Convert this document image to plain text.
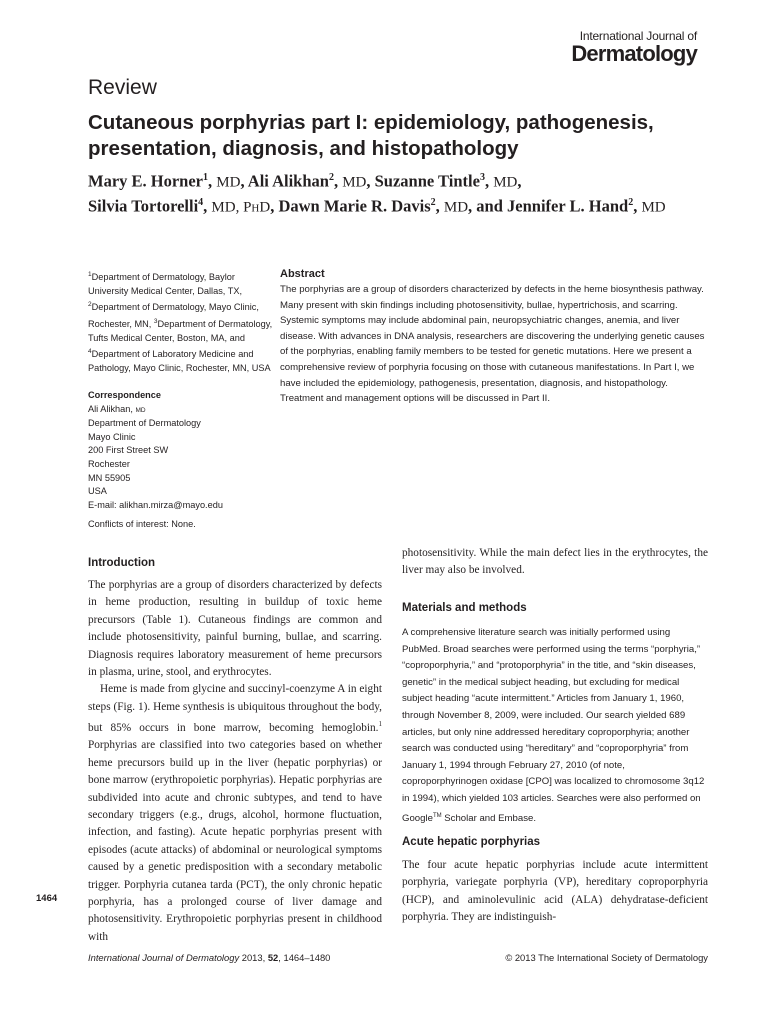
International Journal of
Dermatology
Review
Cutaneous porphyrias part I: epidemiology, pathogenesis, presentation, diagnosis, and histopathology
Mary E. Horner$^1$, MD, Ali Alikhan$^2$, MD, Suzanne Tintle$^3$, MD,
Silvia Tortorelli$^4$, MD, PhD, Dawn Marie R. Davis$^2$, MD, and Jennifer L. Hand$^2$, MD
$^1$Department of Dermatology, Baylor University Medical Center, Dallas, TX,
$^2$Department of Dermatology, Mayo Clinic, Rochester, MN, $^3$Department of Dermatology, Tufts Medical Center, Boston, MA, and $^4$Department of Laboratory Medicine and Pathology, Mayo Clinic, Rochester, MN, USA
Correspondence
Ali Alikhan, MD
Department of Dermatology
Mayo Clinic
200 First Street SW
Rochester
MN 55905
USA
E-mail: alikhan.mirza@mayo.edu
Conflicts of interest: None.
Abstract
The porphyrias are a group of disorders characterized by defects in the heme biosynthesis pathway. Many present with skin findings including photosensitivity, bullae, hypertrichosis, and scarring. Systemic symptoms may include abdominal pain, neuropsychiatric changes, anemia, and liver disease. With advances in DNA analysis, researchers are discovering the underlying genetic causes of the porphyrias, enabling family members to be tested for genetic mutations. Here we present a comprehensive review of porphyria focusing on those with cutaneous manifestations. In Part I, we have included the epidemiology, pathogenesis, presentation, diagnosis, and histopathology. Treatment and management options will be discussed in Part II.
Introduction

The porphyrias are a group of disorders characterized by defects in heme production, resulting in buildup of toxic heme precursors (Table 1). Cutaneous findings are common and include photosensitivity, painful burning, bullae, and scarring. Diagnosis requires laboratory measurement of heme precursors in plasma, urine, stool, and erythrocytes.

Heme is made from glycine and succinyl-coenzyme A in eight steps (Fig. 1). Heme synthesis is ubiquitous throughout the body, but 85% occurs in bone marrow, becoming hemoglobin.$^1$ Porphyrias are classified into two categories based on whether heme precursors build up in the liver (hepatic porphyrias) or bone marrow (erythropoietic porphyrias). Hepatic porphyrias are subdivided into acute and chronic subtypes, and tend to have secondary triggers (e.g., drugs, alcohol, hormone fluctuation, infection, and fasting). Acute hepatic porphyrias present with episodes (acute attacks) of abdominal or neurological symptoms caused by a genetic predisposition with a secondary metabolic trigger. Porphyria cutanea tarda (PCT), the only chronic hepatic porphyria, has a prolonged course of liver damage and photosensitivity. Erythropoietic porphyrias present in childhood with

photosensitivity. While the main defect lies in the erythrocytes, the liver may also be involved.

Materials and methods
A comprehensive literature search was initially performed using PubMed. Broad searches were performed using the terms “porphyria,” “coproporphyria,” and “protoporphyria” in the title, and “skin diseases, genetic” in the medical subject heading, but excluding for medical subject heading “acute intermittent.” Articles from January 1, 1960, through November 8, 2009, were included. Our search yielded 689 articles, but only nine addressed hereditary coproporphyria; another search was conducted using “hereditary” and “coproporphyria” from January 1, 1994 through February 27, 2010 (of note, coproporphyrinogen oxidase [CPO] was localized to chromosome 3q12 in 1994), which yielded 103 articles. Searches were also performed on Google™ Scholar and Embase.
Acute hepatic porphyrias

The four acute hepatic porphyrias include acute intermittent porphyria, variegate porphyria (VP), hereditary coproporphyria (HCP), and aminolevulinic acid (ALA) dehydratase-deficient porphyria. They are indistinguish-

1464
International Journal of Dermatology 2013, 52, 1464–1480	© 2013 The International Society of Dermatology
